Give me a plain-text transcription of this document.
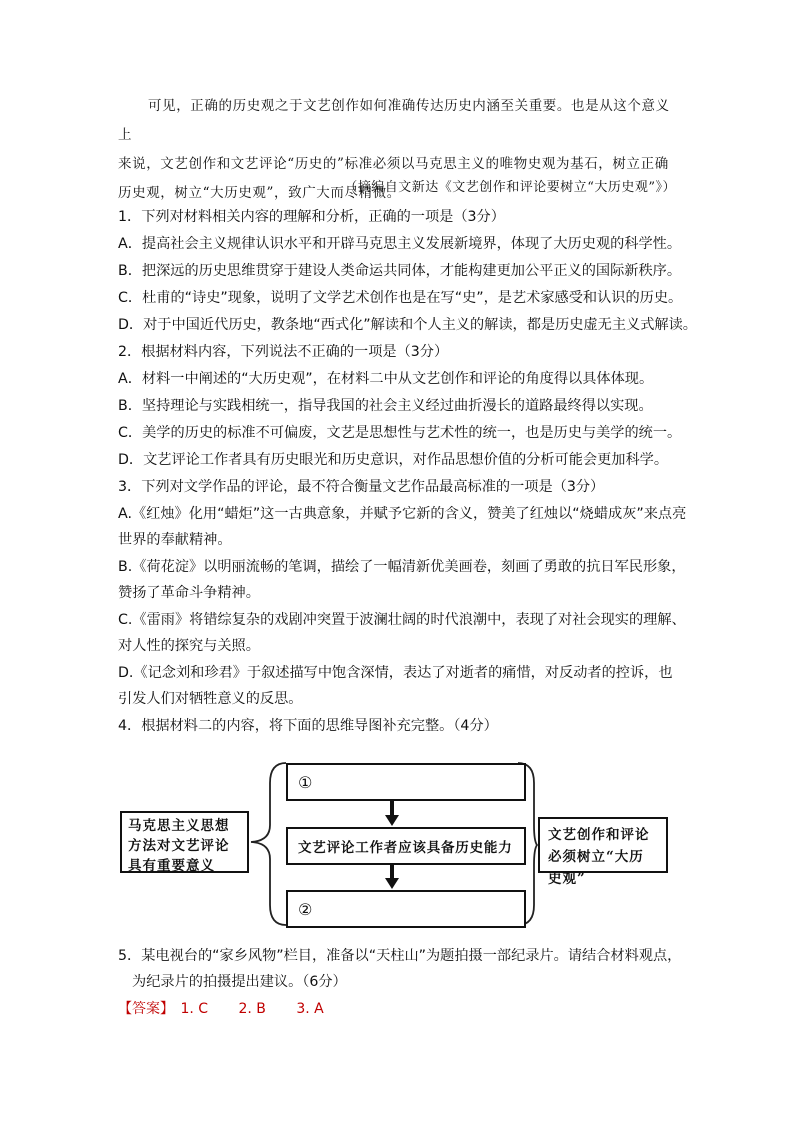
可见，正确的历史观之于文艺创作如何准确传达历史内涵至关重要。也是从这个意义上

来说，文艺创作和文艺评论“历史的”标准必须以马克思主义的唯物史观为基石，树立正确

历史观，树立“大历史观”，致广大而尽精微。

（摘编自文新达《文艺创作和评论要树立“大历史观”》）

1．下列对材料相关内容的理解和分析，正确的一项是（3分）

A．提高社会主义规律认识水平和开辟马克思主义发展新境界，体现了大历史观的科学性。

B．把深远的历史思维贯穿于建设人类命运共同体，才能构建更加公平正义的国际新秩序。

C．杜甫的“诗史”现象，说明了文学艺术创作也是在写“史”，是艺术家感受和认识的历史。

D．对于中国近代历史，教条地“西式化”解读和个人主义的解读，都是历史虚无主义式解读。

2．根据材料内容，下列说法不正确的一项是（3分）

A．材料一中阐述的“大历史观”，在材料二中从文艺创作和评论的角度得以具体体现。

B．坚持理论与实践相统一，指导我国的社会主义经过曲折漫长的道路最终得以实现。

C．美学的历史的标准不可偏废，文艺是思想性与艺术性的统一，也是历史与美学的统一。

D．文艺评论工作者具有历史眼光和历史意识，对作品思想价值的分析可能会更加科学。

3．下列对文学作品的评论，最不符合衡量文艺作品最高标准的一项是（3分）

A.《红烛》化用“蜡炬”这一古典意象，并赋予它新的含义，赞美了红烛以“烧蜡成灰”来点亮

世界的奉献精神。

B.《荷花淀》以明丽流畅的笔调，描绘了一幅清新优美画卷，刻画了勇敢的抗日军民形象，

赞扬了革命斗争精神。

C.《雷雨》将错综复杂的戏剧冲突置于波澜壮阔的时代浪潮中，表现了对社会现实的理解、

对人性的探究与关照。

D.《记念刘和珍君》于叙述描写中饱含深情，表达了对逝者的痛惜，对反动者的控诉，也

引发人们对牺牲意义的反思。

4．根据材料二的内容，将下面的思维导图补充完整。（4分）

马克思主义思想方法对文艺评论具有重要意义
①
文艺评论工作者应该具备历史能力
②
文艺创作和评论必须树立“大历史观”

5．某电视台的“家乡风物”栏目，准备以“天柱山”为题拍摄一部纪录片。请结合材料观点，

为纪录片的拍摄提出建议。（6分）

【答案】 1. C 2. B 3. A
